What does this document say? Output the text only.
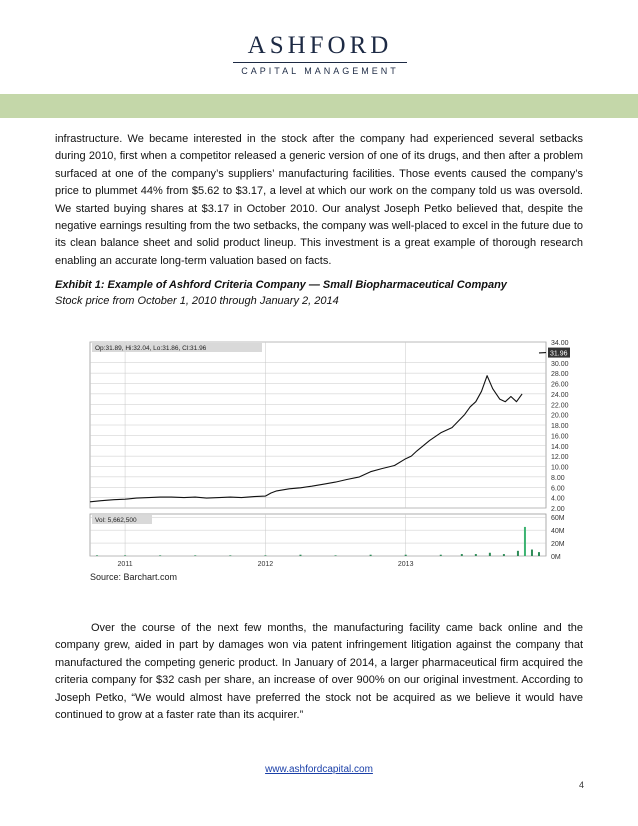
ASHFORD
CAPITAL MANAGEMENT

infrastructure. We became interested in the stock after the company had experienced several setbacks during 2010, first when a competitor released a generic version of one of its drugs, and then after a problem surfaced at one of the company’s suppliers’ manufacturing facilities. Those events caused the company’s price to plummet 44% from $5.62 to $3.17, a level at which our work on the company told us was oversold. We started buying shares at $3.17 in October 2010. Our analyst Joseph Petko believed that, despite the negative earnings resulting from the two setbacks, the company was well-placed to excel in the future due to its clean balance sheet and solid product lineup. This investment is a great example of thorough research enabling an accurate long-term valuation based on facts.

Exhibit 1: Example of Ashford Criteria Company — Small Biopharmaceutical Company
Stock price from October 1, 2010 through January 2, 2014
34.00
30.00
28.00
26.00
24.00
22.00
20.00
18.00
16.00
14.00
12.00
10.00
8.00
6.00
4.00
2.00
60M
40M
20M
0M
2011	2012	2013
31.96
Op:31.89, Hi:32.04, Lo:31.86, Cl:31.96
Vol: 5,662,500
Source: Barchart.com

Over the course of the next few months, the manufacturing facility came back online and the company grew, aided in part by damages won via patent infringement litigation against the company that manufactured the competing generic product. In January of 2014, a larger pharmaceutical firm acquired the criteria company for $32 cash per share, an increase of over 900% on our original investment. According to Joseph Petko, “We would almost have preferred the stock not be acquired as we believe it would have continued to grow at a faster rate than its acquirer.”

www.ashfordcapital.com
4
